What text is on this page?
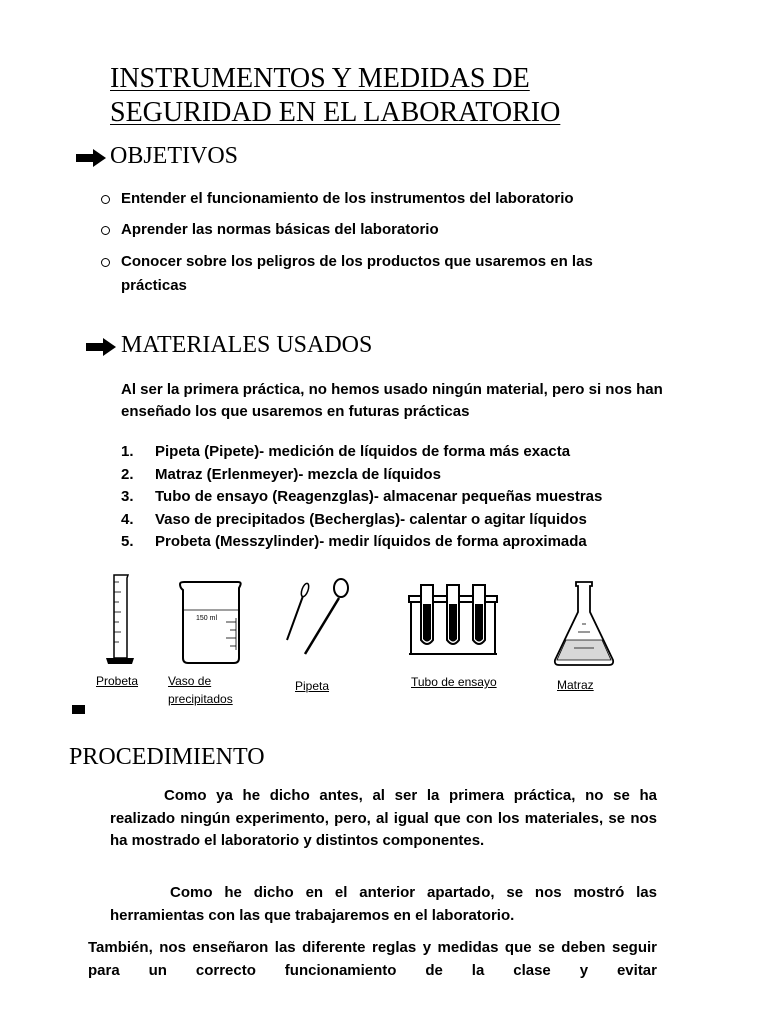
INSTRUMENTOS Y MEDIDAS DE
SEGURIDAD EN EL LABORATORIO
OBJETIVOS
Entender el funcionamiento de los instrumentos del laboratorio
Aprender las normas básicas del laboratorio
Conocer sobre los peligros de los productos que usaremos en las prácticas
MATERIALES USADOS
Al ser la primera práctica, no hemos usado ningún material, pero si nos han enseñado los que usaremos en futuras prácticas
1.	Pipeta (Pipete)- medición de líquidos de forma más exacta
2.	Matraz (Erlenmeyer)- mezcla de líquidos
3.	Tubo de ensayo (Reagenzglas)- almacenar pequeñas muestras
4.	Vaso de precipitados (Becherglas)- calentar o agitar líquidos
5.	Probeta (Messzylinder)- medir líquidos de forma aproximada
150 ml
Probeta Vaso de
precipitados
Pipeta	Tubo de ensayo	Matraz
PROCEDIMIENTO
Como ya he dicho antes, al ser la primera práctica, no se ha realizado ningún experimento, pero, al igual que con los materiales, se nos ha mostrado el laboratorio y distintos componentes.
Como he dicho en el anterior apartado, se nos mostró las herramientas con las que trabajaremos en el laboratorio.
También, nos enseñaron las diferente reglas y medidas que se deben seguir para un correcto funcionamiento de la clase y evitar
